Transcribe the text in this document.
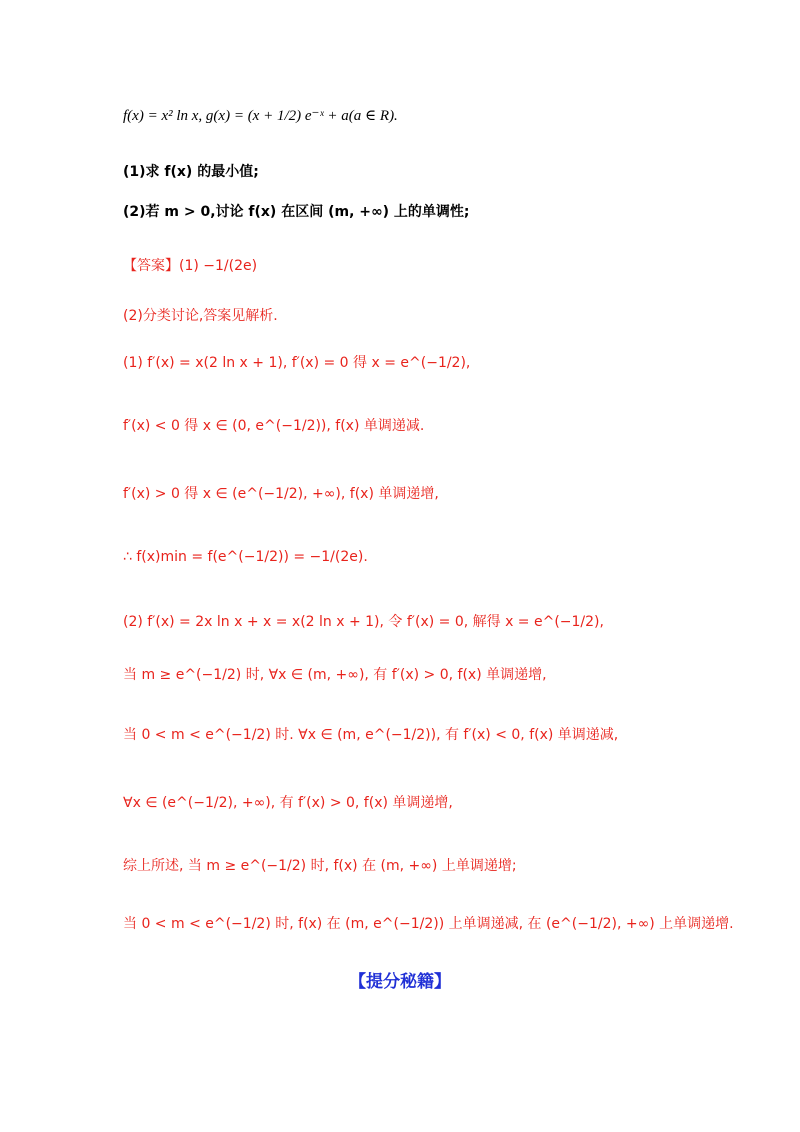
f(x) = x² ln x, g(x) = (x + 1/2) e⁻ˣ + a(a ∈ R).
(1)求 f(x) 的最小值;
(2)若 m > 0,讨论 f(x) 在区间 (m, +∞) 上的单调性;
【答案】(1) −1/(2e)
(2)分类讨论,答案见解析.
(1) f′(x) = x(2 ln x + 1), f′(x) = 0 得 x = e^(−1/2),
f′(x) < 0 得 x ∈ (0, e^(−1/2)), f(x) 单调递减.
f′(x) > 0 得 x ∈ (e^(−1/2), +∞), f(x) 单调递增,
∴ f(x)min = f(e^(−1/2)) = −1/(2e).
(2) f′(x) = 2x ln x + x = x(2 ln x + 1), 令 f′(x) = 0, 解得 x = e^(−1/2),
当 m ≥ e^(−1/2) 时, ∀x ∈ (m, +∞), 有 f′(x) > 0, f(x) 单调递增,
当 0 < m < e^(−1/2) 时. ∀x ∈ (m, e^(−1/2)), 有 f′(x) < 0, f(x) 单调递减,
∀x ∈ (e^(−1/2), +∞), 有 f′(x) > 0, f(x) 单调递增,
综上所述, 当 m ≥ e^(−1/2) 时, f(x) 在 (m, +∞) 上单调递增;
当 0 < m < e^(−1/2) 时, f(x) 在 (m, e^(−1/2)) 上单调递减, 在 (e^(−1/2), +∞) 上单调递增.
【提分秘籍】
